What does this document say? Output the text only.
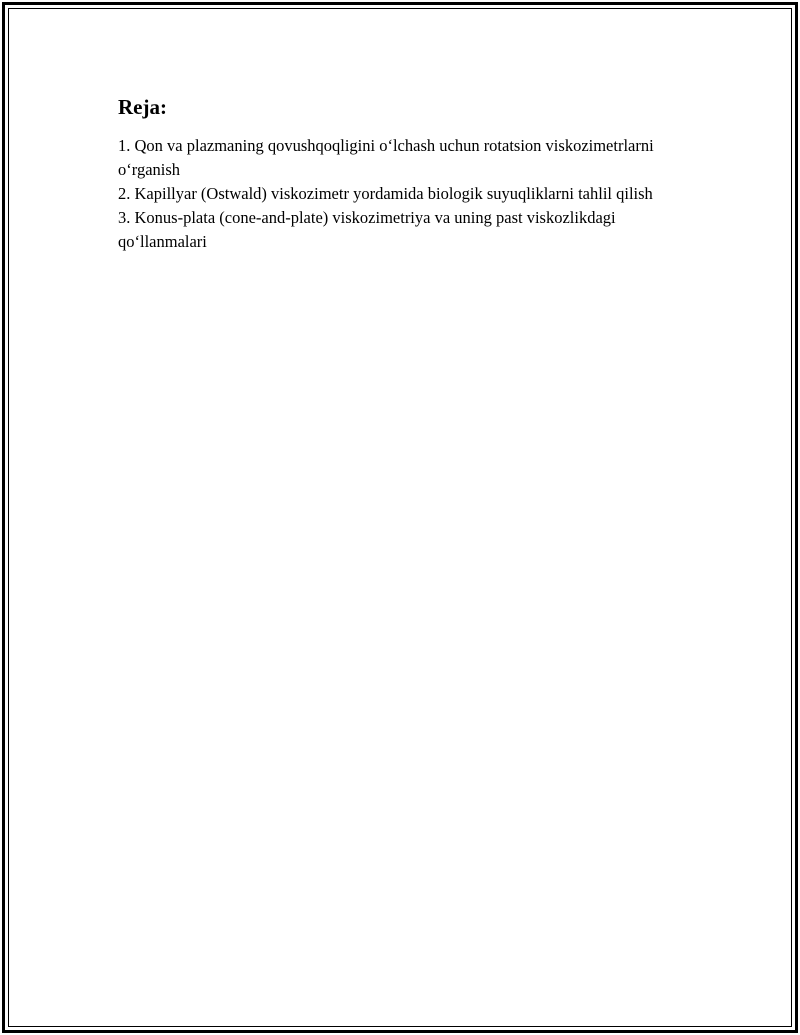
Reja:
1. Qon va plazmaning qovushqoqligini o‘lchash uchun rotatsion viskozimetrlarni o‘rganish
2. Kapillyar (Ostwald) viskozimetr yordamida biologik suyuqliklarni tahlil qilish
3. Konus-plata (cone-and-plate) viskozimetriya va uning past viskozlikdagi qo‘llanmalari
